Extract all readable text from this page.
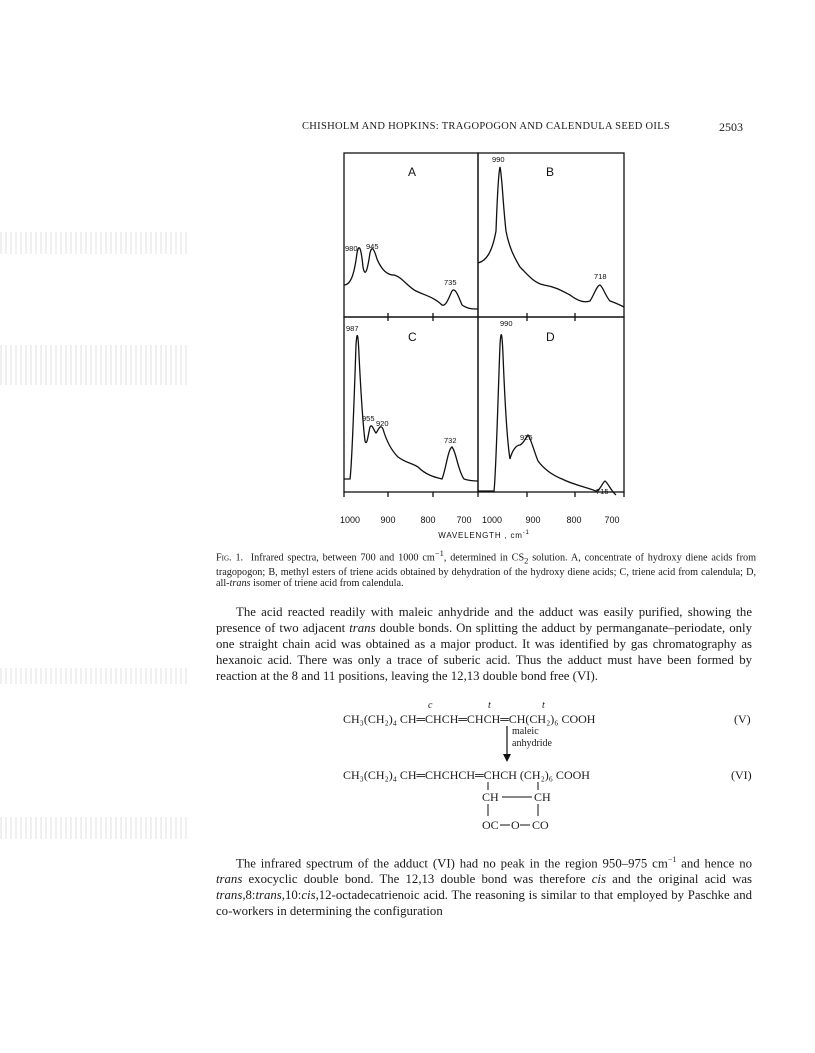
CHISHOLM AND HOPKINS: TRAGOPOGON AND CALENDULA SEED OILS	2503
A	B
C	D
980 945
735
990
718
987
955
920
732
990
925
715
1000 900	800 700 1000	900	800	700
WAVELENGTH , $cm^{-1}$
Fig. 1. Infrared spectra, between 700 and 1000 $cm^{-1}$, determined in $CS_2$ solution. A, concentrate of hydroxy diene acids from tragopogon; B, methyl esters of triene acids obtained by dehydration of the hydroxy diene acids; C, triene acid from calendula; D, all-trans isomer of triene acid from calendula.

The acid reacted readily with maleic anhydride and the adduct was easily purified, showing the presence of two adjacent trans double bonds. On splitting the adduct by permanganate–periodate, only one straight chain acid was obtained as a major product. It was identified by gas chromatography as hexanoic acid. There was only a trace of suberic acid. Thus the adduct must have been formed by reaction at the 8 and 11 positions, leaving the 12,13 double bond free (VI).

c	t	t
CH₃(CH₂)₄ CH═CHCH═CHCH═CH(CH₂)₆ COOH	(V)
maleic
anhydride
CH₃(CH₂)₄ CH═CHCHCH═CHCH (CH₂)₆ COOH	(VI)
CH	CH
OC O CO

The infrared spectrum of the adduct (VI) had no peak in the region 950–975 $cm^{-1}$ and hence no trans exocyclic double bond. The 12,13 double bond was therefore cis and the original acid was trans,8:trans,10:cis,12-octadecatrienoic acid. The reasoning is similar to that employed by Paschke and co-workers in determining the configuration
